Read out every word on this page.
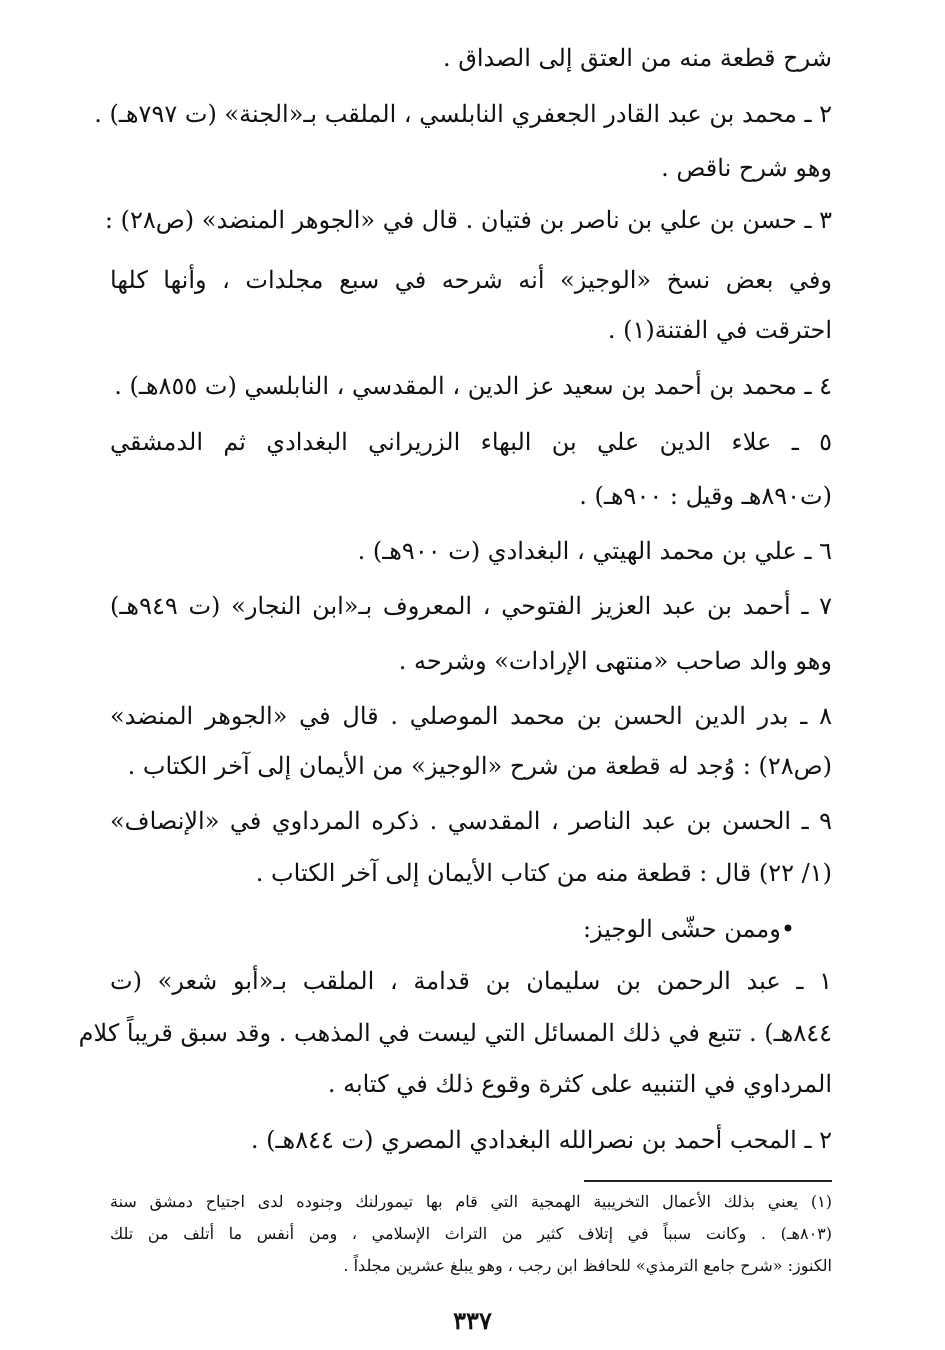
شرح قطعة منه من العتق إلى الصداق .
٢ ـ محمد بن عبد القادر الجعفري النابلسي ، الملقب بـ«الجنة» (ت ٧٩٧هـ) .
وهو شرح ناقص .
٣ ـ حسن بن علي بن ناصر بن فتيان . قال في «الجوهر المنضد» (ص٢٨) :
وفي بعض نسخ «الوجيز» أنه شرحه في سبع مجلدات ، وأنها كلها
احترقت في الفتنة(١) .
٤ ـ محمد بن أحمد بن سعيد عز الدين ، المقدسي ، النابلسي (ت ٨٥٥هـ) .
٥ ـ علاء الدين علي بن البهاء الزريراني البغدادي ثم الدمشقي
(ت٨٩٠هـ وقيل : ٩٠٠هـ) .
٦ ـ علي بن محمد الهيتي ، البغدادي (ت ٩٠٠هـ) .
٧ ـ أحمد بن عبد العزيز الفتوحي ، المعروف بـ«ابن النجار» (ت ٩٤٩هـ)
وهو والد صاحب «منتهى الإرادات» وشرحه .
٨ ـ بدر الدين الحسن بن محمد الموصلي . قال في «الجوهر المنضد»
(ص٢٨) : وُجد له قطعة من شرح «الوجيز» من الأيمان إلى آخر الكتاب .
٩ ـ الحسن بن عبد الناصر ، المقدسي . ذكره المرداوي في «الإنصاف»
(١/ ٢٢) قال : قطعة منه من كتاب الأيمان إلى آخر الكتاب .
•وممن حشّى الوجيز:
١ ـ عبد الرحمن بن سليمان بن قدامة ، الملقب بـ«أبو شعر» (ت
٨٤٤هـ) . تتبع في ذلك المسائل التي ليست في المذهب . وقد سبق قريباً كلام
المرداوي في التنبيه على كثرة وقوع ذلك في كتابه .
٢ ـ المحب أحمد بن نصرالله البغدادي المصري (ت ٨٤٤هـ) .
(١) يعني بذلك الأعمال التخريبية الهمجية التي قام بها تيمورلنك وجنوده لدى اجتياح دمشق سنة
(٨٠٣هـ) . وكانت سبباً في إتلاف كثير من التراث الإسلامي ، ومن أنفس ما أتلف من تلك
الكنوز: «شرح جامع الترمذي» للحافظ ابن رجب ، وهو يبلغ عشرين مجلداً .
٣٣٧
